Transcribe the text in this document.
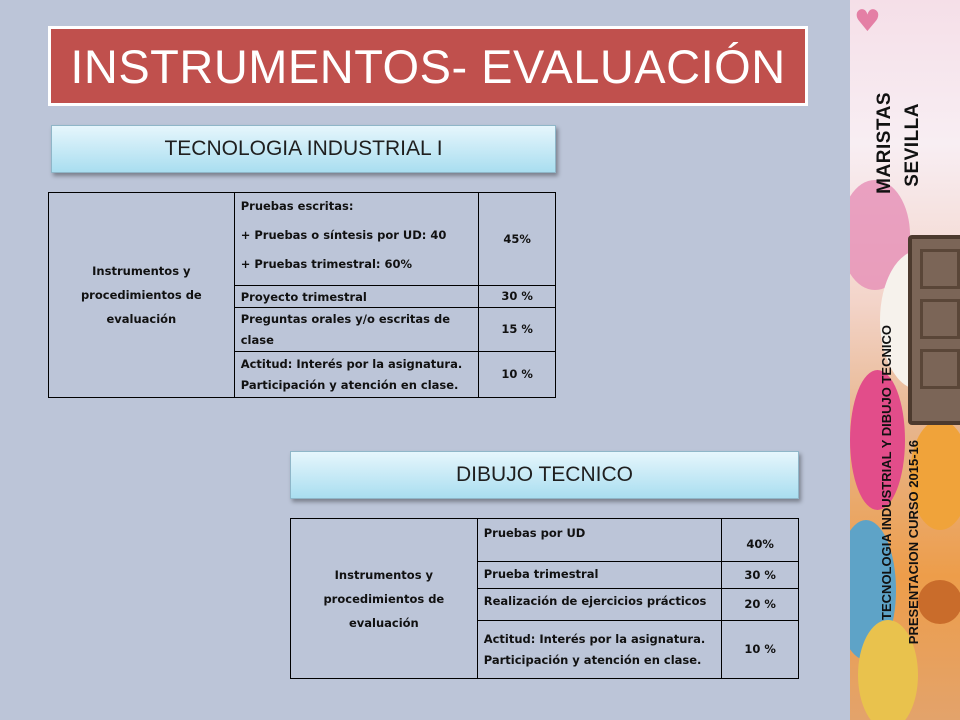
♥
MARISTAS SEVILLA
TECNOLOGIA INDUSTRIAL Y DIBUJO TECNICO PRESENTACION CURSO 2015-16
INSTRUMENTOS- EVALUACIÓN
TECNOLOGIA INDUSTRIAL I
Instrumentos y procedimientos de evaluación	Pruebas escritas:
+ Pruebas o síntesis por UD: 40
+ Pruebas trimestral: 60%	45%
	Proyecto trimestral	30 %
	Preguntas orales y/o escritas de clase	15 %
	Actitud: Interés por la asignatura. Participación y atención en clase.	10 %
DIBUJO TECNICO
Instrumentos y procedimientos de evaluación	Pruebas por UD	40%
	Prueba trimestral	30 %
	Realización de ejercicios prácticos	20 %
	Actitud: Interés por la asignatura. Participación y atención en clase.	10 %
